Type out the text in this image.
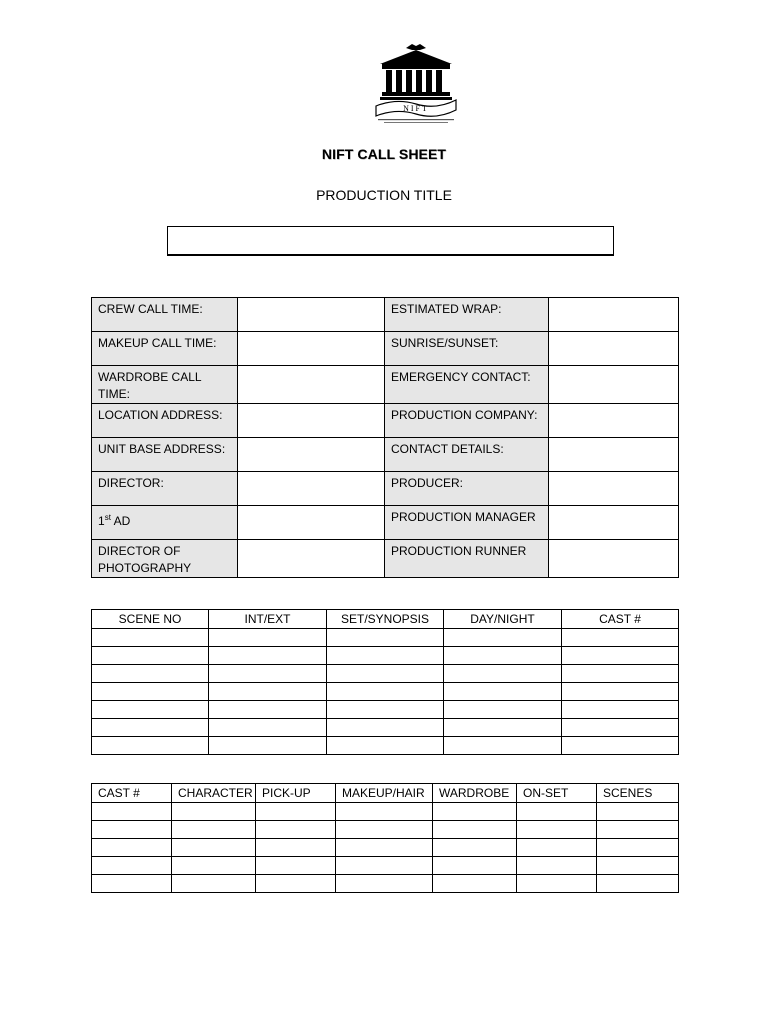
NIFT
NIFT CALL SHEET
PRODUCTION TITLE
CREW CALL TIME:		ESTIMATED WRAP:	
MAKEUP CALL TIME:		SUNRISE/SUNSET:	
WARDROBE CALL TIME:		EMERGENCY CONTACT:	
LOCATION ADDRESS:		PRODUCTION COMPANY:	
UNIT BASE ADDRESS:		CONTACT DETAILS:	
DIRECTOR:		PRODUCER:	
1st AD		PRODUCTION MANAGER	

DIRECTOR OF
PHOTOGRAPHY		PRODUCTION RUNNER	
SCENE NO	INT/EXT	SET/SYNOPSIS	DAY/NIGHT	CAST #

CAST #	CHARACTER	PICK-UP	MAKEUP/HAIR	WARDROBE	ON-SET	SCENES
